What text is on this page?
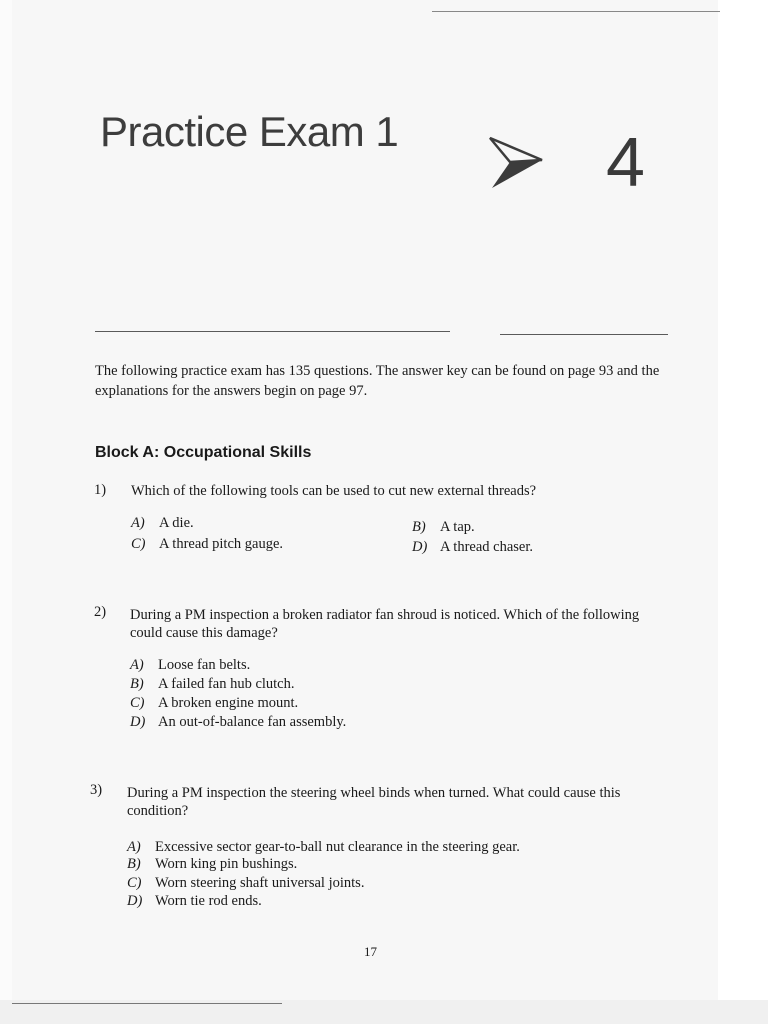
Practice Exam 1	4
The following practice exam has 135 questions. The answer key can be found on page 93 and the explanations for the answers begin on page 97.
Block A: Occupational Skills
1) Which of the following tools can be used to cut new external threads?
A) A die.	B) A tap.
C) A thread pitch gauge.	D) A thread chaser.
2) During a PM inspection a broken radiator fan shroud is noticed. Which of the following could cause this damage?
A) Loose fan belts.
B) A failed fan hub clutch.
C) A broken engine mount.
D) An out-of-balance fan assembly.
3) During a PM inspection the steering wheel binds when turned. What could cause this condition?
A) Excessive sector gear-to-ball nut clearance in the steering gear.
B) Worn king pin bushings.
C) Worn steering shaft universal joints.
D) Worn tie rod ends.
17
